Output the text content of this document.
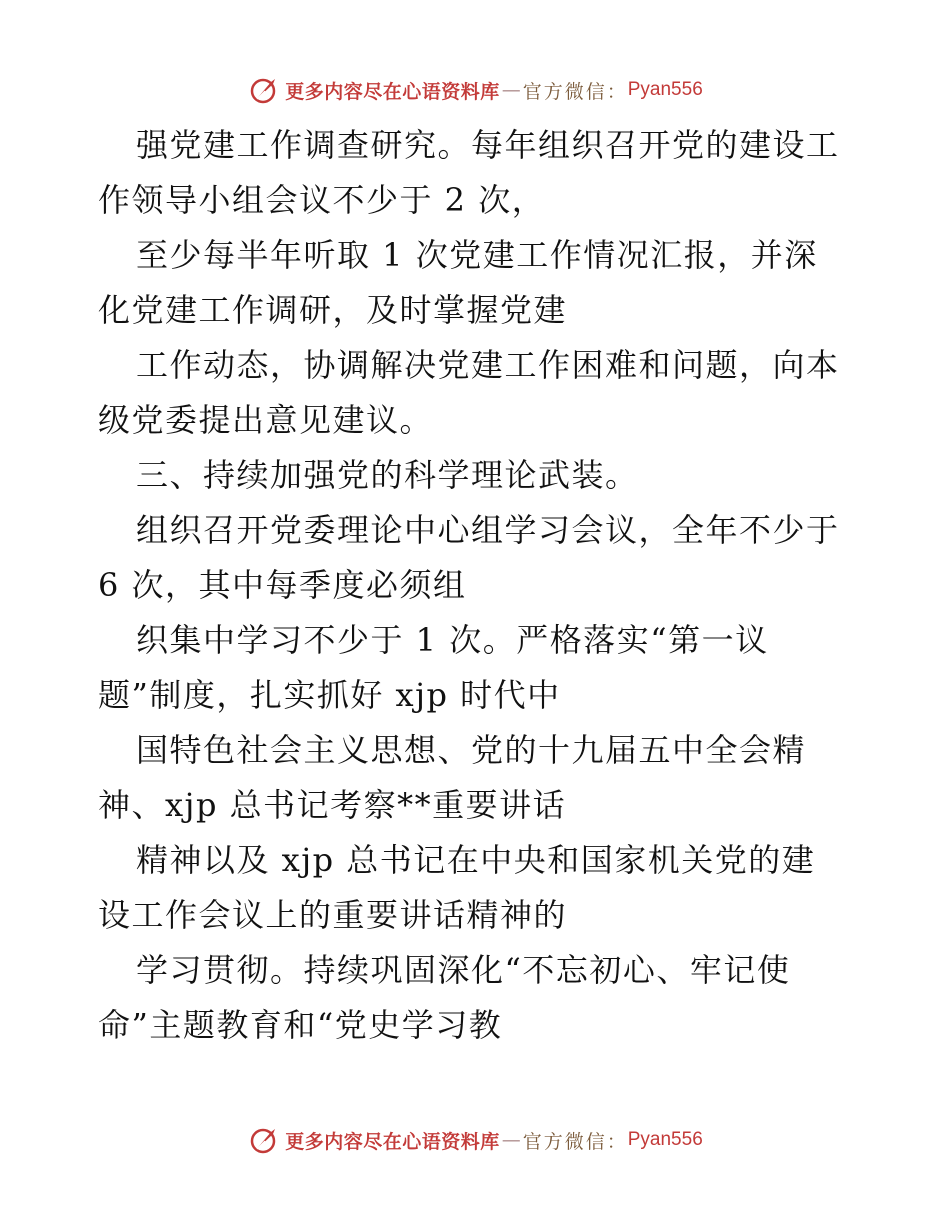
更多内容尽在心语资料库 — 官方微信： Pyan556
强党建工作调查研究。每年组织召开党的建设工
作领导小组会议不少于 2 次，
至少每半年听取 1 次党建工作情况汇报，并深
化党建工作调研，及时掌握党建
工作动态，协调解决党建工作困难和问题，向本
级党委提出意见建议。
三、持续加强党的科学理论武装。
组织召开党委理论中心组学习会议，全年不少于
6 次，其中每季度必须组
织集中学习不少于 1 次。严格落实“第一议
题”制度，扎实抓好 xjp 时代中
国特色社会主义思想、党的十九届五中全会精
神、xjp 总书记考察**重要讲话
精神以及 xjp 总书记在中央和国家机关党的建
设工作会议上的重要讲话精神的
学习贯彻。持续巩固深化“不忘初心、牢记使
命”主题教育和“党史学习教
更多内容尽在心语资料库 — 官方微信： Pyan556
